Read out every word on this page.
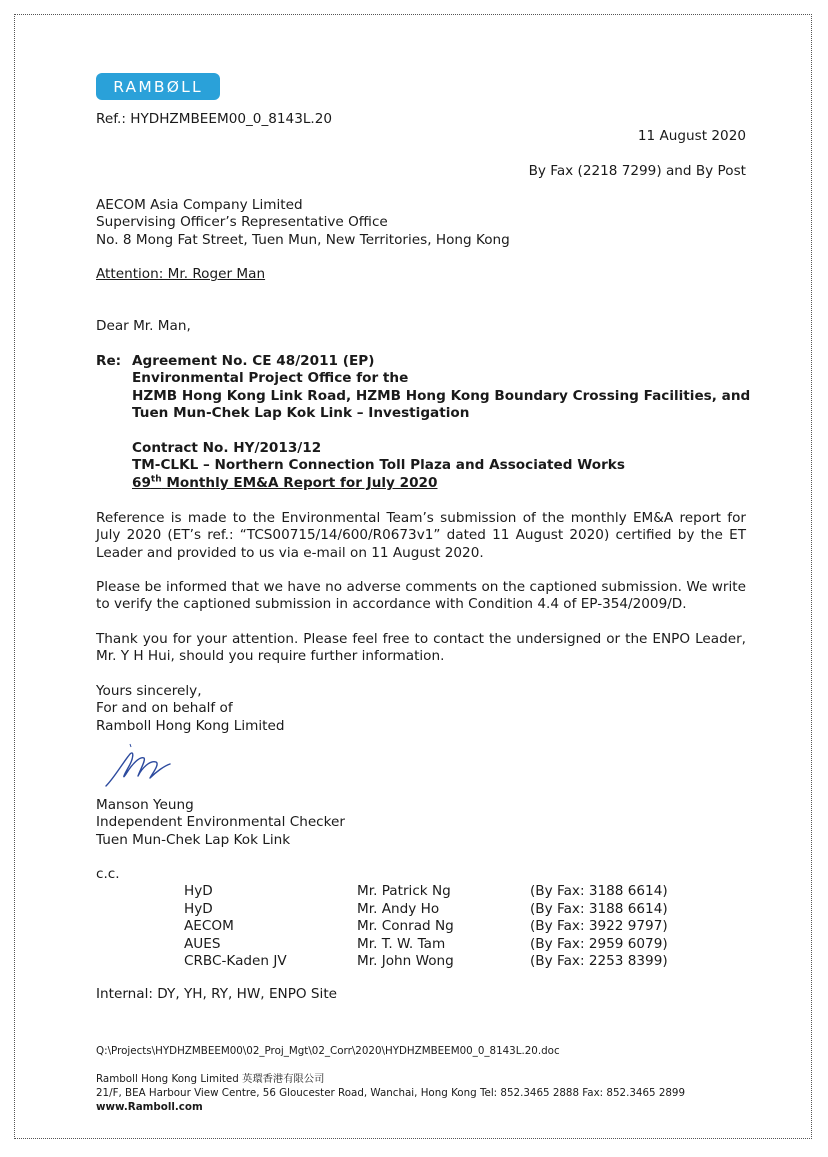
RAMBØLL
Ref.: HYDHZMBEEM00_0_8143L.20
11 August 2020
By Fax (2218 7299) and By Post
AECOM Asia Company Limited
Supervising Officer’s Representative Office
No. 8 Mong Fat Street, Tuen Mun, New Territories, Hong Kong
Attention: Mr. Roger Man
Dear Mr. Man,
Re: Agreement No. CE 48/2011 (EP)
Environmental Project Office for the
HZMB Hong Kong Link Road, HZMB Hong Kong Boundary Crossing Facilities, and
Tuen Mun-Chek Lap Kok Link – Investigation
Contract No. HY/2013/12
TM-CLKL – Northern Connection Toll Plaza and Associated Works
69th Monthly EM&A Report for July 2020
Reference is made to the Environmental Team’s submission of the monthly EM&A report for July 2020 (ET’s ref.: “TCS00715/14/600/R0673v1” dated 11 August 2020) certified by the ET Leader and provided to us via e-mail on 11 August 2020.
Please be informed that we have no adverse comments on the captioned submission. We write to verify the captioned submission in accordance with Condition 4.4 of EP-354/2009/D.
Thank you for your attention. Please feel free to contact the undersigned or the ENPO Leader, Mr. Y H Hui, should you require further information.
Yours sincerely,
For and on behalf of
Ramboll Hong Kong Limited
Manson Yeung
Independent Environmental Checker
Tuen Mun-Chek Lap Kok Link
c.c.
HyD	Mr. Patrick Ng	(By Fax: 3188 6614)
HyD	Mr. Andy Ho	(By Fax: 3188 6614)
AECOM	Mr. Conrad Ng	(By Fax: 3922 9797)
AUES	Mr. T. W. Tam	(By Fax: 2959 6079)
CRBC-Kaden JV	Mr. John Wong	(By Fax: 2253 8399)
Internal: DY, YH, RY, HW, ENPO Site
Q:\Projects\HYDHZMBEEM00\02_Proj_Mgt\02_Corr\2020\HYDHZMBEEM00_0_8143L.20.doc
Ramboll Hong Kong Limited 英環香港有限公司
21/F, BEA Harbour View Centre, 56 Gloucester Road, Wanchai, Hong Kong Tel: 852.3465 2888 Fax: 852.3465 2899
www.Ramboll.com
